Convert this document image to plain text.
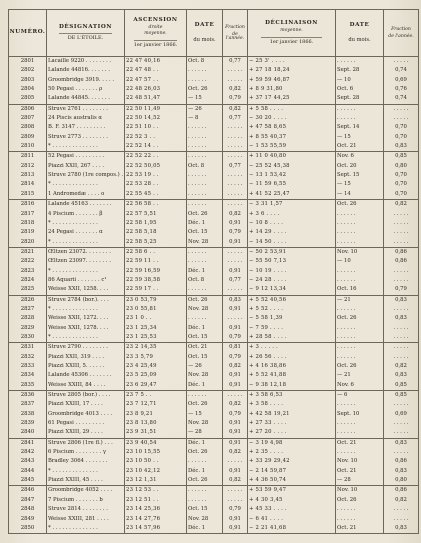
NUMÉRO.	DÉSIGNATION
DE L'ÉTOILE.	ASCENSION
droite
moyenne.
1er janvier 1866.	DATE
du mois.	Fraction
de l'année.	DÉCLINAISON
moyenne.
1er janvier 1866.	DATE
du mois.	Fraction
de l'année.

2801	Lacaille 9220 . . . . . . . .	22 47 40,16	Oct. 8	0,77	− 25 3' . . . .	. . . . . .	. . . . .
2802	Lalande 44816. . . . . . .	22 47 48 . .	. . . . . .	. . . . .	+ 27 18 18,24	Sept. 28	0,74
2803	Groombridge 3919. . . . .	22 47 57 . .	. . . . . .	. . . . .	+ 59 59 46,87	— 10	0,69
2804	50 Pegasi . . . . . . . ρ	22 48 26,03	Oct. 26	0,82	+ 8 9 31,80	Oct. 6	0,76
2805	Lalande 44845. . . . . . .	22 48 51,47	— 15	0,79	+ 37 17 44,25	Sept. 28	0,74
2806	Struve 2761 . . . . . . . .	22 50 11,49	— 26	0,82	+ 5 58 . . . .	. . . . . .	. . . . .
2807	24 Piscis australis α	22 50 14,52	— 8	0,77	− 30 20 . . . .	. . . . . .	. . . . .
2808	B. F. 3147 . . . . . . . . .	22 51 10 . .	. . . . . .	. . . . .	+ 47 58 8,65	Sept. 14	0,70
2809	Struve 2773 . . . . . . . .	22 52 3 . .	. . . . . .	. . . . .	+ 8 55 40,37	— 15	0,70
2810	* . . . . . . . . . . . . . .	22 52 14 . .	. . . . . .	. . . . .	− 1 53 55,59	Oct. 21	0,83
2811	52 Pegasi . . . . . . . . .	22 52 22 . .	. . . . . .	. . . . .	+ 11 0 40,80	Nov. 6	0,85
2812	Piazzi XXII, 267 . . . .	22 52 50,05	Oct. 8	0,77	− 25 52 45,38	Oct. 20	0,80
2813	Struve 2780 (1re compos.) .	22 53 19 . .	. . . . . .	. . . . .	− 13 1 53,42	Sept. 15	0,70
2814	* . . . . . . . . . . . . . .	22 53 28 . .	. . . . . .	. . . . .	− 11 59 6,55	— 15	0,70
2815	1 Andromedæ . . . . o	22 55 45 . .	. . . . . .	. . . . .	+ 41 52 25,47	— 14	0,70
2816	Lalande 45163 . . . . . . .	22 56 58 . .	. . . . . .	. . . . .	− 3 31 1,57	Oct. 26	0,82
2817	4 Piscium . . . . . . . β	22 57 5,51	Oct. 26	0,82	+ 3 6 . . . .	. . . . . .	. . . . .
2818	* . . . . . . . . . . . . . .	22 58 1,95	Déc. 1	0,91	− 10 8 . . . .	. . . . . .	. . . . .
2819	24 Pegasi . . . . . . . α	22 58 5,18	Oct. 15	0,79	+ 14 29 . . . .	. . . . . .	. . . . .
2820	* . . . . . . . . . . . . . .	22 58 5,25	Nov. 28	0,91	− 14 50 . . . .	. . . . . .	. . . . .
2821	Œltzen 23072. . . . . . . .	22 58 6 . .	. . . . . .	. . . . .	− 50 2 53,91	Nov. 10	0,86
2822	Œltzen 23097. . . . . . . .	22 59 11 . .	. . . . . .	. . . . .	− 55 50 7,13	— 10	0,86
2823	* . . . . . . . . . . . . . .	22 59 16,59	Déc. 1	0,91	− 10 19 . . . .	. . . . . .	. . . . .
2824	86 Aquarii . . . . . . . c¹	22 59 38,58	Oct. 8	0,77	− 24 28 . . . .	. . . . . .	. . . . .
2825	Weisse XXII, 1258. . . .	22 59 17 . .	. . . . . .	. . . . .	− 9 12 13,34	Oct. 16	0,79
2826	Struve 2784 (bor.). . . .	23 0 53,79	Oct. 26	0,83	+ 5 52 40,56	— 21	0,83
2827	* . . . . . . . . . . . . . .	23 0 55,81	Nov. 28	0,91	+ 5 52 . . . .	. . . . . .	. . . . .
2828	Weisse XXII, 1272. . . .	23 1 0 . .	. . . . . .	. . . . .	− 5 58 1,39	Oct. 26	0,83
2829	Weisse XXII, 1278. . . .	23 1 25,34	Déc. 1	0,91	− 7 59 . . . .	. . . . . .	. . . . .
2830	* . . . . . . . . . . . . . .	23 1 25,53	Oct. 15	0,79	+ 28 58 . . . .	. . . . . .	. . . . .
2831	Struve 2790 . . . . . . . .	23 2 14,35	Oct. 21	0,81	+ 3 . . . . .	. . . . . .	. . . . .
2832	Piazzi XXII, 319 . . . .	23 3 5,79	Oct. 15	0,79	+ 26 56 . . . .	. . . . . .	. . . . .
2833	Piazzi XXIII, 5. . . . . .	23 4 25,49	— 26	0,82	+ 4 16 38,86	Oct. 26	0,82
2834	Lalande 45306 . . . . . . .	23 5 25,09	Nov. 28	0,91	+ 5 52 41,88	— 21	0,83
2835	Weisse XXIII, 84 . . . .	23 6 29,47	Déc. 1	0,91	− 9 38 12,18	Nov. 6	0,85
2836	Struve 2805 (bor.) . . . .	23 7 5 . .	. . . . . .	. . . . .	+ 3 58 6,53	— 6	0,85
2837	Piazzi XXIII, 17 . . . .	23 7 12,71	Oct. 26	0,82	+ 3 58 . . . .	. . . . . .	. . . . .
2838	Groombridge 4013 . . . .	23 8 9,21	— 15	0,79	+ 42 58 19,21	Sept. 10	0,69
2839	61 Pegasi . . . . . . . . .	23 8 13,80	Nov. 28	0,91	+ 27 33 . . . .	. . . . . .	. . . . .
2840	Piazzi XXIII, 29 . . . .	23 9 31,51	— 28	0,91	+ 27 20 . . . .	. . . . . .	. . . . .
2841	Struve 2806 (1re fl.) . . .	23 9 40,54	Déc. 1	0,91	− 3 19 4,98	Oct. 21	0,83
2842	6 Piscium . . . . . . . . γ	23 10 15,55	Oct. 26	0,82	+ 2 35 . . . .	. . . . . .	. . . . .
2843	Bradley 3064 . . . . . . .	23 10 50 . .	. . . . . .	. . . . .	+ 33 29 29,42	Nov. 10	0,86
2844	* . . . . . . . . . . . . . .	23 10 42,12	Déc. 1	0,91	− 2 14 59,87	Oct. 21	0,83
2845	Piazzi XXIII, 45 . . . .	23 12 1,31	Oct. 26	0,82	+ 4 36 50,74	— 28	0,80
2846	Groombridge 4052 . . . .	23 12 53 . .	. . . . . .	. . . . .	+ 53 59 9,47	Nov. 10	0,86
2847	7 Piscium . . . . . . . b	23 12 51 . .	. . . . . .	. . . . .	+ 4 30 3,45	Oct. 26	0,82
2848	Struve 2814 . . . . . . . .	23 14 25,36	Oct. 15	0,79	+ 45 33 . . . .	. . . . . .	. . . . .
2849	Weisse XXIII, 281 . . . .	23 14 27,76	Nov. 28	0,91	− 6 41 . . . .	. . . . . .	. . . . .
2850	* . . . . . . . . . . . . . .	23 14 57,96	Déc. 1	0,91	− 2 21 41,68	Oct. 21	0,83
